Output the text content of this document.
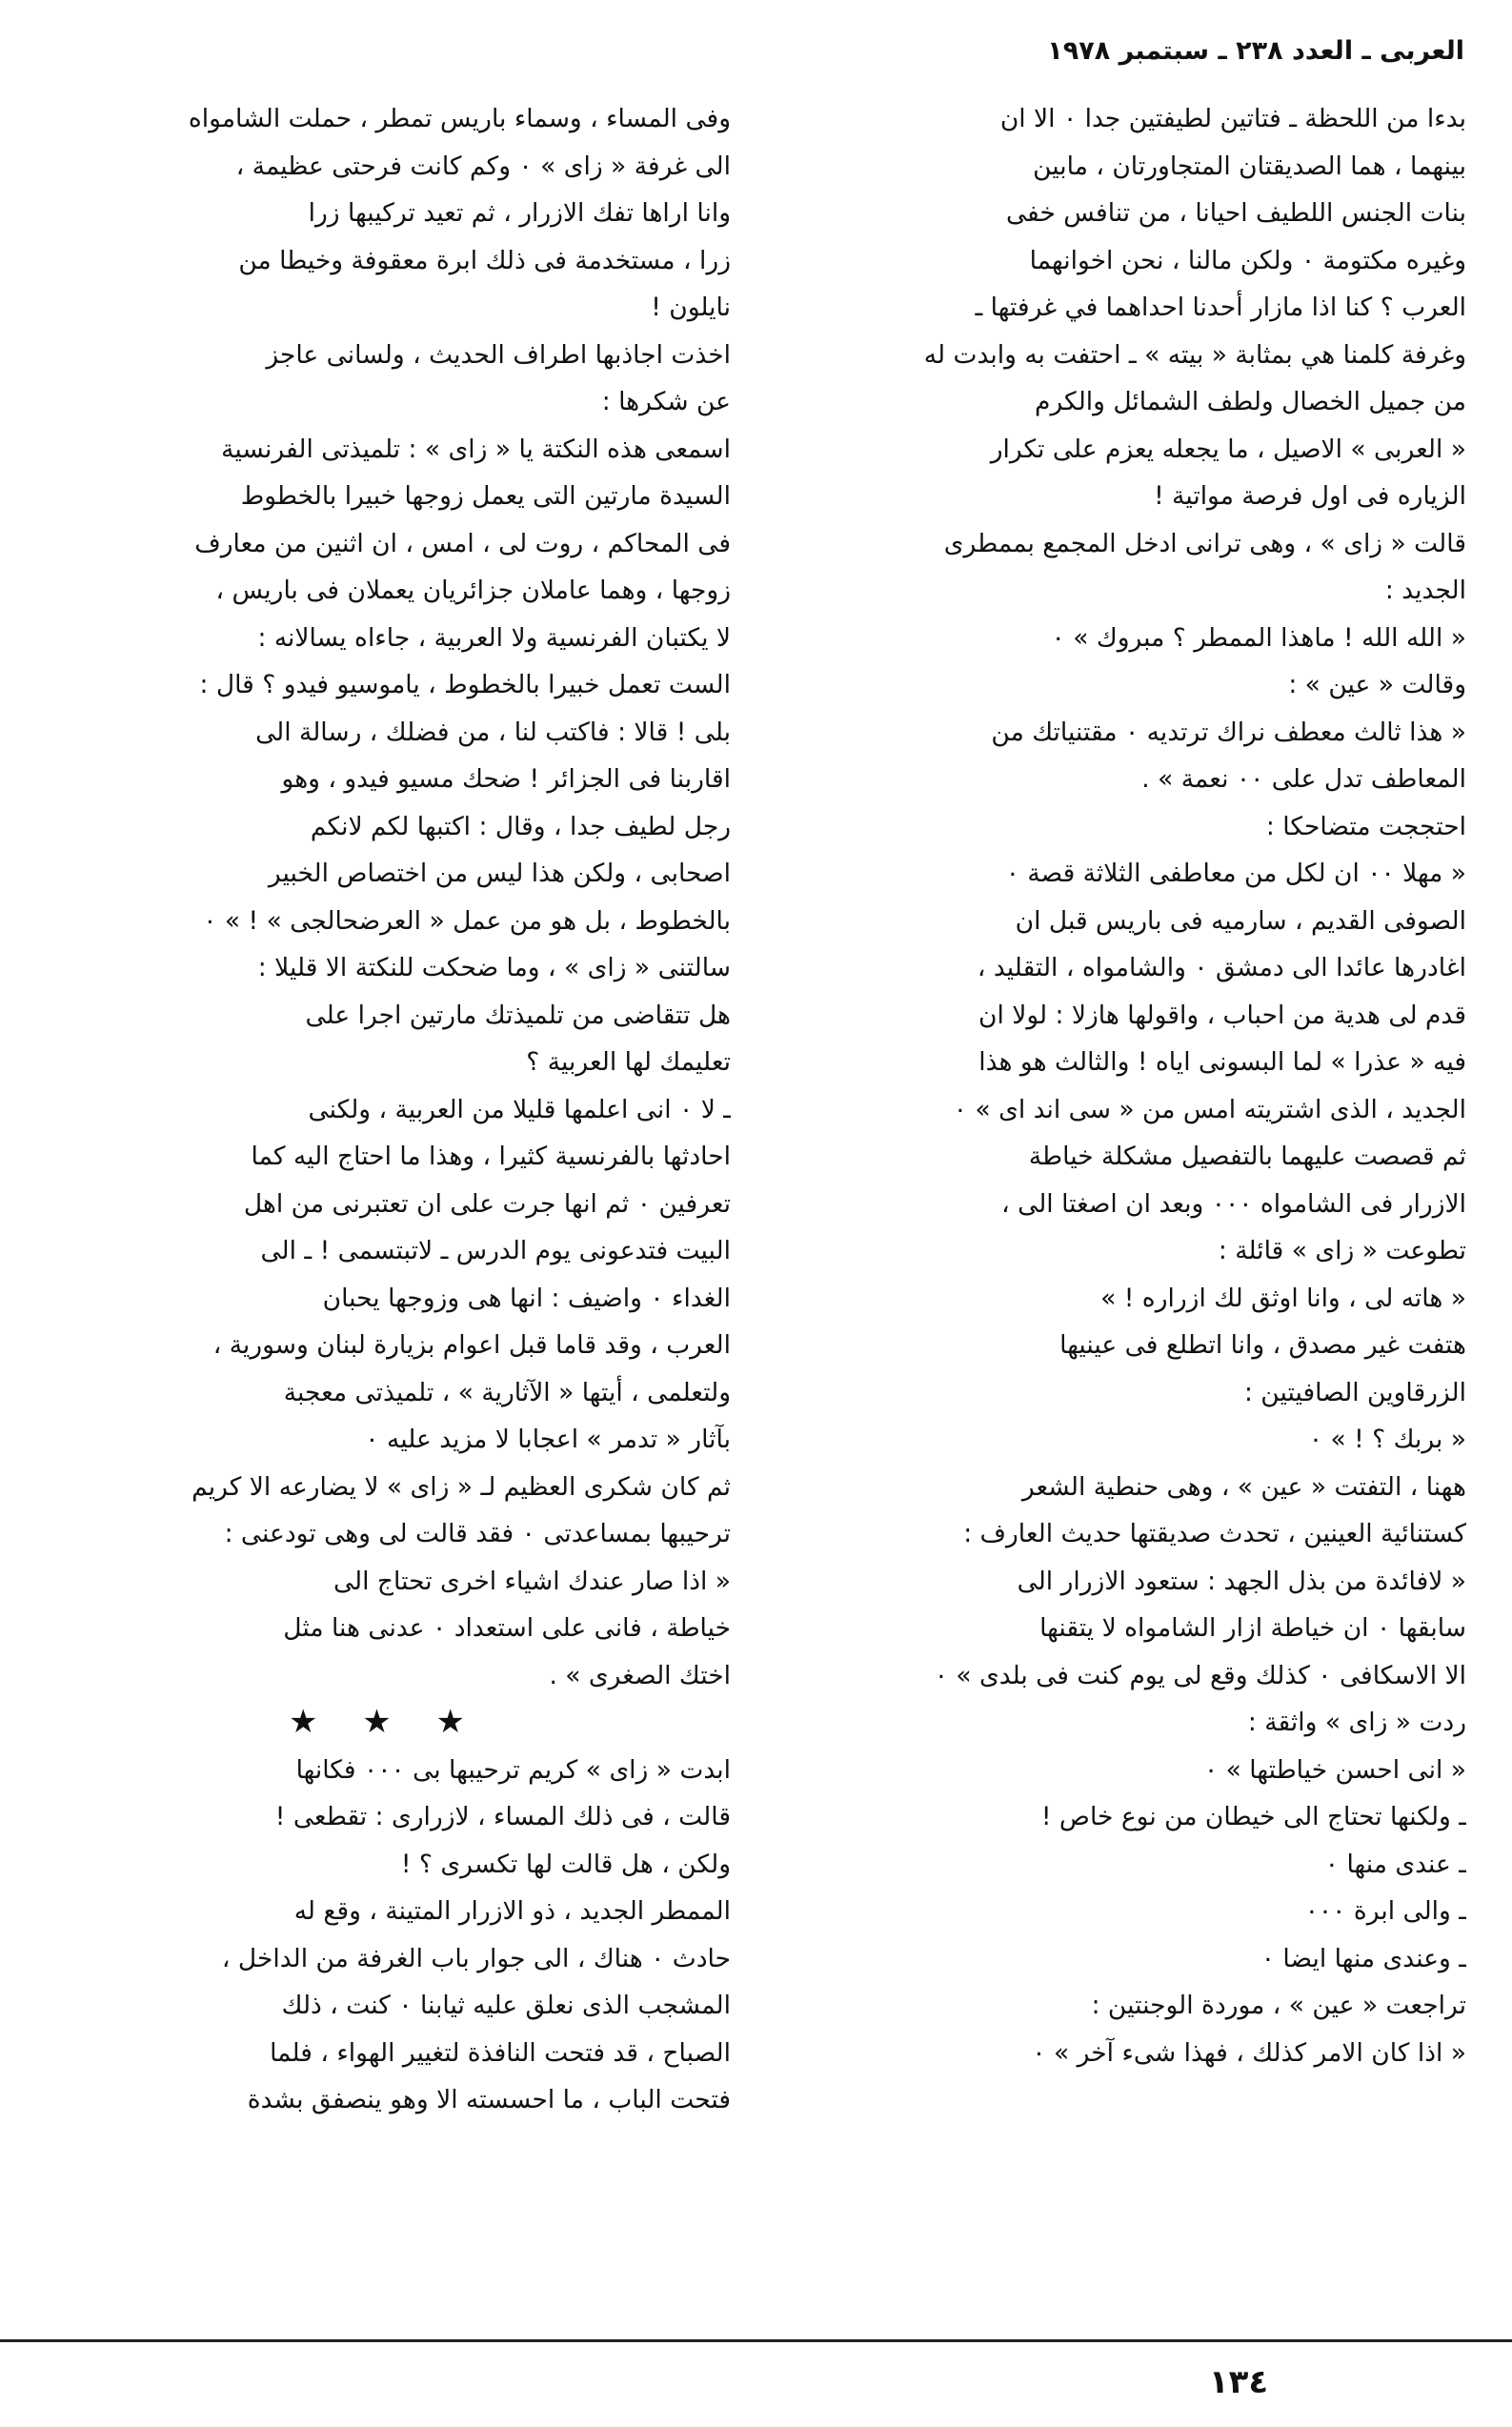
العربى ـ العدد ٢٣٨ ـ سبتمبر ١٩٧٨
بدءا من اللحظة ـ فتاتين لطيفتين جدا ٠ الا ان
بينهما ، هما الصديقتان المتجاورتان ، مابين
بنات الجنس اللطيف احيانا ، من تنافس خفى
وغيره مكتومة ٠ ولكن مالنا ، نحن اخوانهما
العرب ؟ كنا اذا مازار أحدنا احداهما في غرفتها ـ
وغرفة كلمنا هي بمثابة « بيته » ـ احتفت به وابدت له
من جميل الخصال ولطف الشمائل والكرم
« العربى » الاصيل ، ما يجعله يعزم على تكرار
الزياره فى اول فرصة مواتية !
قالت « زاى » ، وهى ترانى ادخل المجمع بممطرى
الجديد :
« الله الله ! ماهذا الممطر ؟ مبروك » ٠
وقالت « عين » :
« هذا ثالث معطف نراك ترتديه ٠ مقتنياتك من
المعاطف تدل على ٠٠ نعمة » .
احتججت متضاحكا :
« مهلا ٠٠ ان لكل من معاطفى الثلاثة قصة ٠
الصوفى القديم ، سارميه فى باريس قبل ان
اغادرها عائدا الى دمشق ٠ والشامواه ، التقليد ،
قدم لى هدية من احباب ، واقولها هازلا : لولا ان
فيه « عذرا » لما البسونى اياه ! والثالث هو هذا
الجديد ، الذى اشتريته امس من « سى اند اى » ٠
ثم قصصت عليهما بالتفصيل مشكلة خياطة
الازرار فى الشامواه ٠٠٠ وبعد ان اصغتا الى ،
تطوعت « زاى » قائلة :
« هاته لى ، وانا اوثق لك ازراره ! »
هتفت غير مصدق ، وانا اتطلع فى عينيها
الزرقاوين الصافيتين :
« بربك ؟ ! » ٠
ههنا ، التفتت « عين » ، وهى حنطية الشعر
كستنائية العينين ، تحدث صديقتها حديث العارف :
« لافائدة من بذل الجهد : ستعود الازرار الى
سابقها ٠ ان خياطة ازار الشامواه لا يتقنها
الا الاسكافى ٠ كذلك وقع لى يوم كنت فى بلدى » ٠
ردت « زاى » واثقة :
« انى احسن خياطتها » ٠
ـ ولكنها تحتاج الى خيطان من نوع خاص !
ـ عندى منها ٠
ـ والى ابرة ٠٠٠
ـ وعندى منها ايضا ٠
تراجعت « عين » ، موردة الوجنتين :
« اذا كان الامر كذلك ، فهذا شىء آخر » ٠
وفى المساء ، وسماء باريس تمطر ، حملت الشامواه
الى غرفة « زاى » ٠ وكم كانت فرحتى عظيمة ،
وانا اراها تفك الازرار ، ثم تعيد تركيبها زرا
زرا ، مستخدمة فى ذلك ابرة معقوفة وخيطا من
نايلون !
اخذت اجاذبها اطراف الحديث ، ولسانى عاجز
عن شكرها :
اسمعى هذه النكتة يا « زاى » : تلميذتى الفرنسية
السيدة مارتين التى يعمل زوجها خبيرا بالخطوط
فى المحاكم ، روت لى ، امس ، ان اثنين من معارف
زوجها ، وهما عاملان جزائريان يعملان فى باريس ،
لا يكتبان الفرنسية ولا العربية ، جاءاه يسالانه :
الست تعمل خبيرا بالخطوط ، ياموسيو فيدو ؟ قال :
بلى ! قالا : فاكتب لنا ، من فضلك ، رسالة الى
اقاربنا فى الجزائر ! ضحك مسيو فيدو ، وهو
رجل لطيف جدا ، وقال : اكتبها لكم لانكم
اصحابى ، ولكن هذا ليس من اختصاص الخبير
بالخطوط ، بل هو من عمل « العرضحالجى » ! » ٠
سالتنى « زاى » ، وما ضحكت للنكتة الا قليلا :
هل تتقاضى من تلميذتك مارتين اجرا على
تعليمك لها العربية ؟
ـ لا ٠ انى اعلمها قليلا من العربية ، ولكنى
احادثها بالفرنسية كثيرا ، وهذا ما احتاج اليه كما
تعرفين ٠ ثم انها جرت على ان تعتبرنى من اهل
البيت فتدعونى يوم الدرس ـ لاتبتسمى ! ـ الى
الغداء ٠ واضيف : انها هى وزوجها يحبان
العرب ، وقد قاما قبل اعوام بزيارة لبنان وسورية ،
ولتعلمى ، أيتها « الآثارية » ، تلميذتى معجبة
بآثار « تدمر » اعجابا لا مزيد عليه ٠
ثم كان شكرى العظيم لـ « زاى » لا يضارعه الا كريم
ترحيبها بمساعدتى ٠ فقد قالت لى وهى تودعنى :
« اذا صار عندك اشياء اخرى تحتاج الى
خياطة ، فانى على استعداد ٠ عدنى هنا مثل
اختك الصغرى » .
★ ★ ★
ابدت « زاى » كريم ترحيبها بى ٠٠٠ فكانها
قالت ، فى ذلك المساء ، لازرارى : تقطعى !
ولكن ، هل قالت لها تكسرى ؟ !
الممطر الجديد ، ذو الازرار المتينة ، وقع له
حادث ٠ هناك ، الى جوار باب الغرفة من الداخل ،
المشجب الذى نعلق عليه ثيابنا ٠ كنت ، ذلك
الصباح ، قد فتحت النافذة لتغيير الهواء ، فلما
فتحت الباب ، ما احسسته الا وهو ينصفق بشدة
١٣٤
